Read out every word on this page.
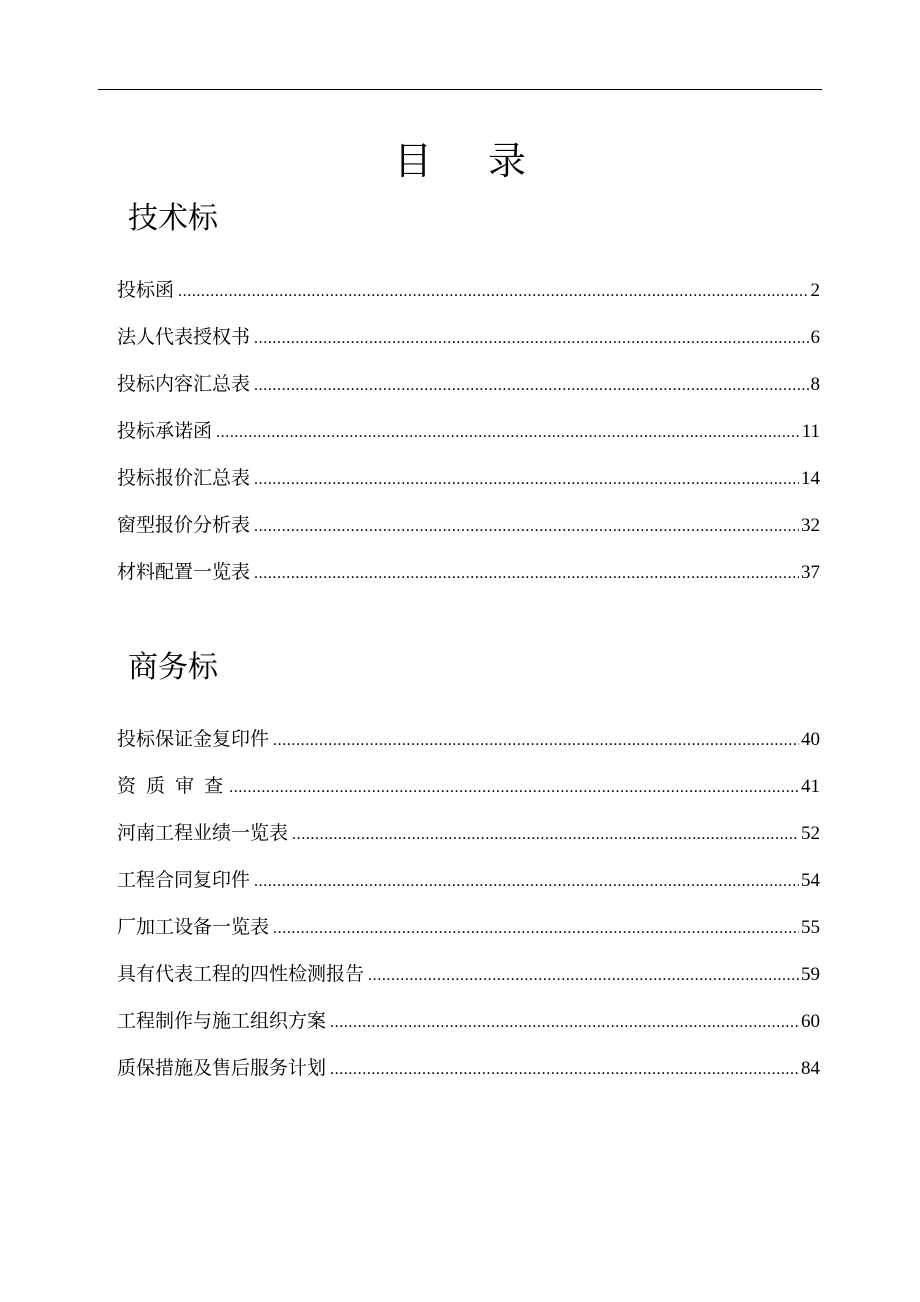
目 录
技术标
投标函 .....	2
法人代表授权书 .....	6
投标内容汇总表 .....	8
投标承诺函 .....	11
投标报价汇总表 .....	14
窗型报价分析表 .....	32
材料配置一览表 .....	37
商务标
投标保证金复印件 .....	40
资 质 审 查 .....	41
河南工程业绩一览表 .....	52
工程合同复印件 .....	54
厂加工设备一览表 .....	55
具有代表工程的四性检测报告 .....	59
工程制作与施工组织方案 .....	60
质保措施及售后服务计划 .....	84
